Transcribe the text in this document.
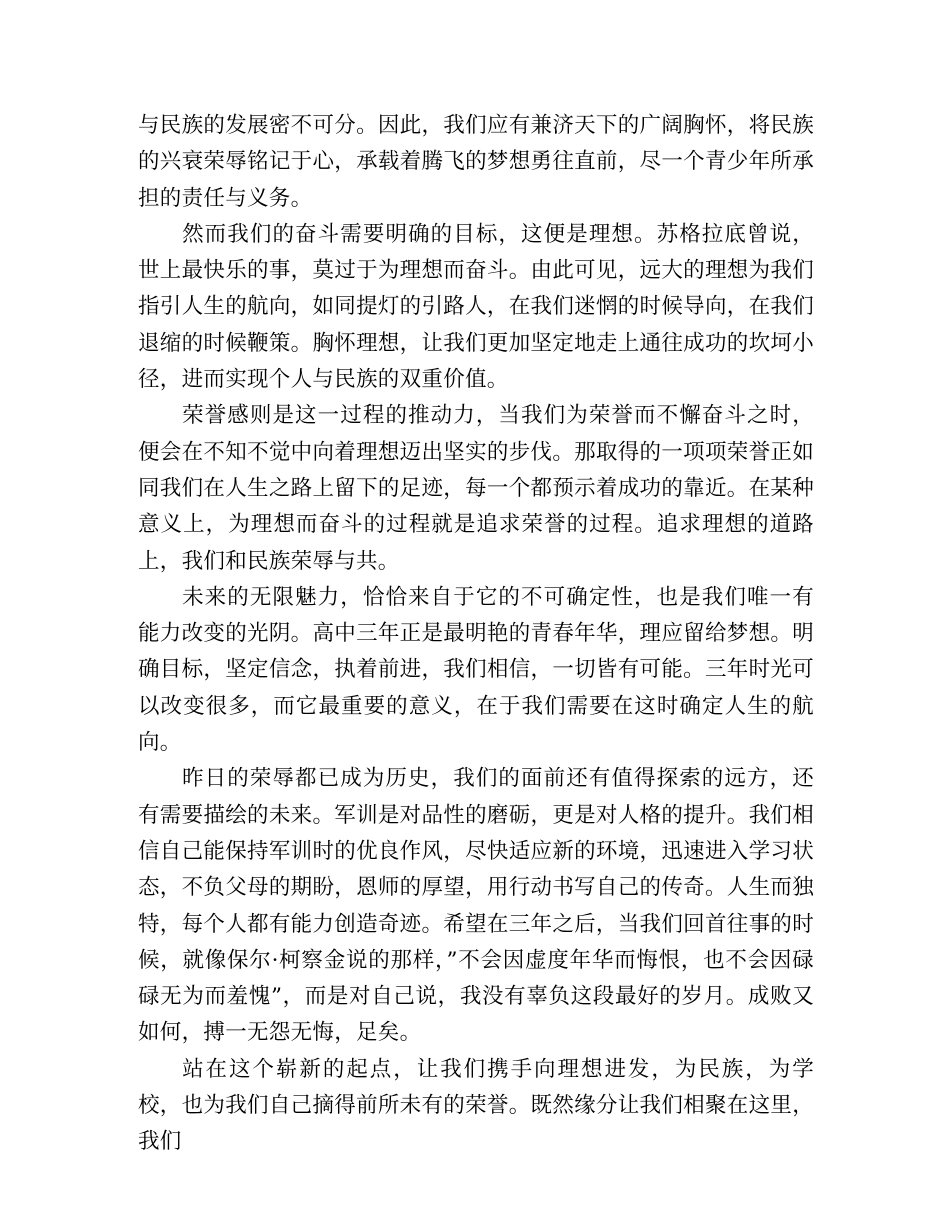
与民族的发展密不可分。因此，我们应有兼济天下的广阔胸怀，将民族的兴衰荣辱铭记于心，承载着腾飞的梦想勇往直前，尽一个青少年所承担的责任与义务。

然而我们的奋斗需要明确的目标，这便是理想。苏格拉底曾说，世上最快乐的事，莫过于为理想而奋斗。由此可见，远大的理想为我们指引人生的航向，如同提灯的引路人，在我们迷惘的时候导向，在我们退缩的时候鞭策。胸怀理想，让我们更加坚定地走上通往成功的坎坷小径，进而实现个人与民族的双重价值。

荣誉感则是这一过程的推动力，当我们为荣誉而不懈奋斗之时，便会在不知不觉中向着理想迈出坚实的步伐。那取得的一项项荣誉正如同我们在人生之路上留下的足迹，每一个都预示着成功的靠近。在某种意义上，为理想而奋斗的过程就是追求荣誉的过程。追求理想的道路上，我们和民族荣辱与共。

未来的无限魅力，恰恰来自于它的不可确定性，也是我们唯一有能力改变的光阴。高中三年正是最明艳的青春年华，理应留给梦想。明确目标，坚定信念，执着前进，我们相信，一切皆有可能。三年时光可以改变很多，而它最重要的意义，在于我们需要在这时确定人生的航向。

昨日的荣辱都已成为历史，我们的面前还有值得探索的远方，还有需要描绘的未来。军训是对品性的磨砺，更是对人格的提升。我们相信自己能保持军训时的优良作风，尽快适应新的环境，迅速进入学习状态，不负父母的期盼，恩师的厚望，用行动书写自己的传奇。人生而独特，每个人都有能力创造奇迹。希望在三年之后，当我们回首往事的时候，就像保尔·柯察金说的那样，”不会因虚度年华而悔恨，也不会因碌碌无为而羞愧”，而是对自己说，我没有辜负这段最好的岁月。成败又如何，搏一无怨无悔，足矣。

站在这个崭新的起点，让我们携手向理想进发，为民族，为学校，也为我们自己摘得前所未有的荣誉。既然缘分让我们相聚在这里，我们
